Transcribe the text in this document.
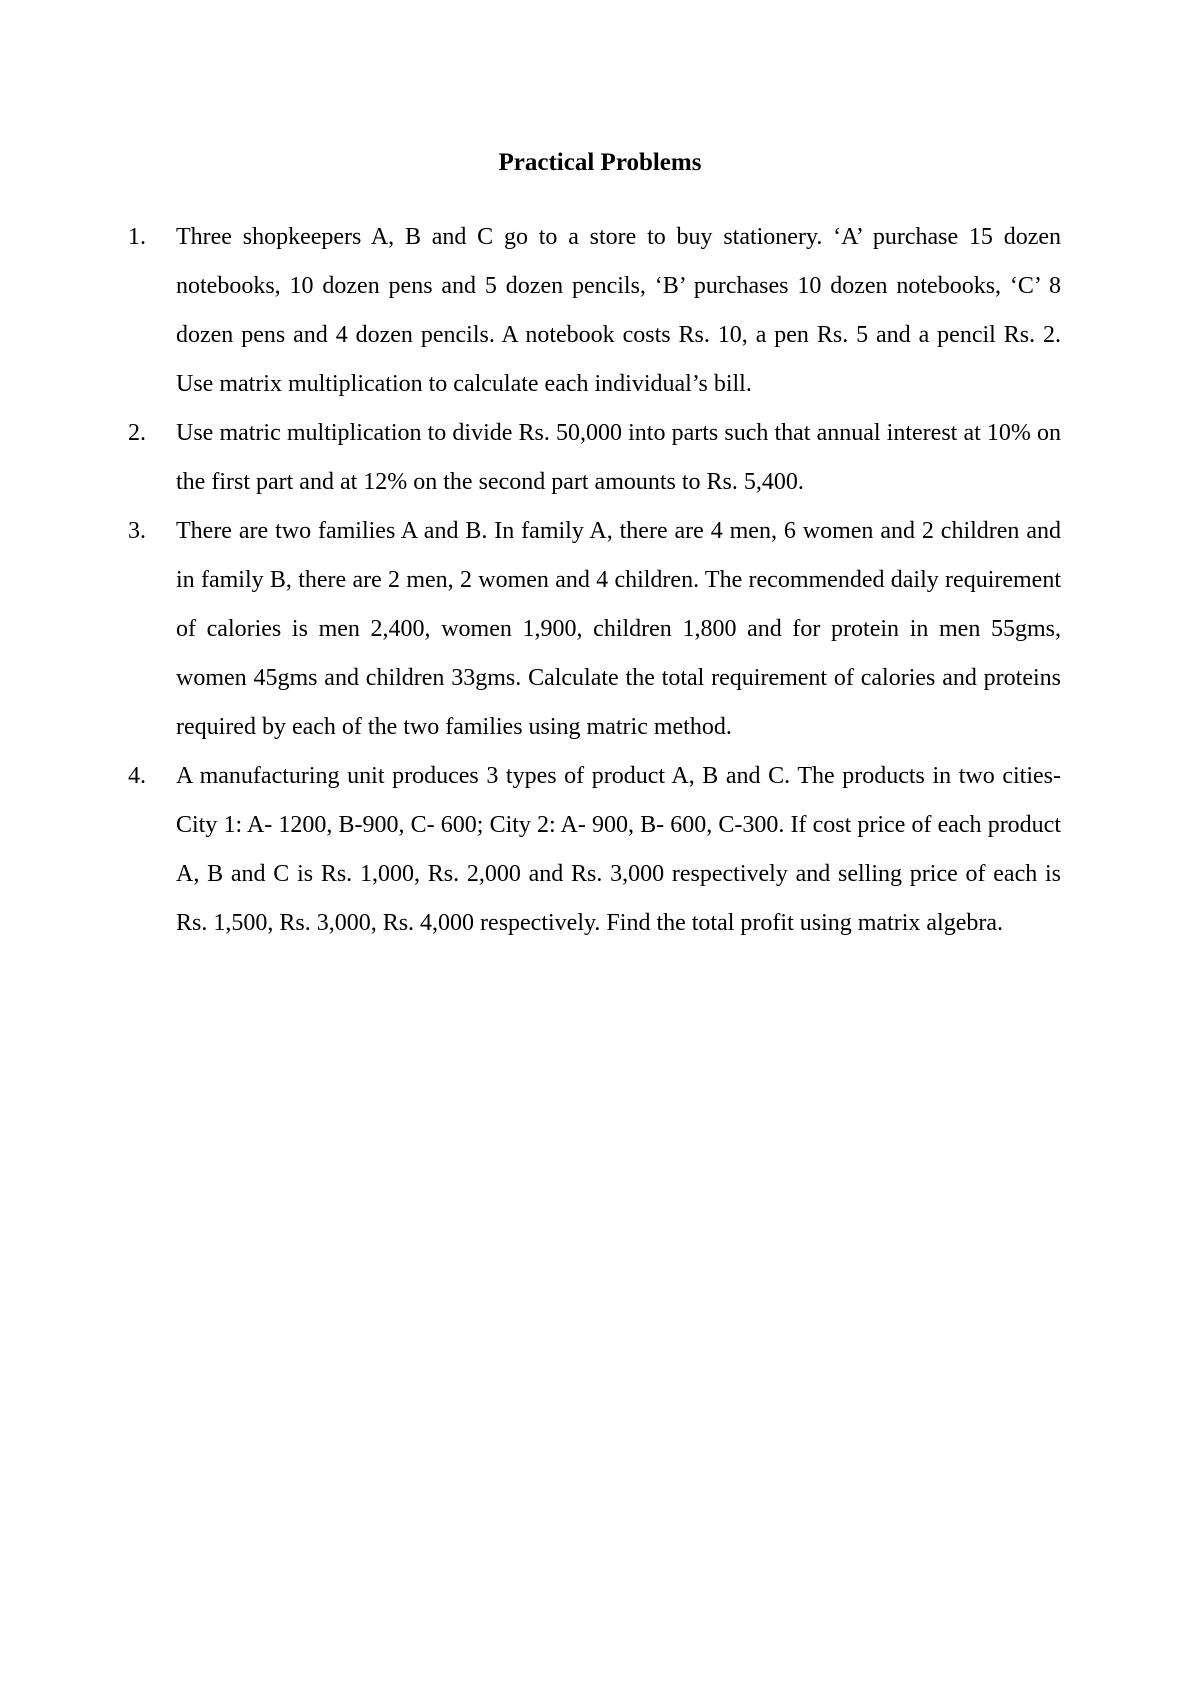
Practical Problems
1.	Three shopkeepers A, B and C go to a store to buy stationery. ‘A’ purchase 15 dozen notebooks, 10 dozen pens and 5 dozen pencils, ‘B’ purchases 10 dozen notebooks, ‘C’ 8 dozen pens and 4 dozen pencils. A notebook costs Rs. 10, a pen Rs. 5 and a pencil Rs. 2. Use matrix multiplication to calculate each individual’s bill.
2.	Use matric multiplication to divide Rs. 50,000 into parts such that annual interest at 10% on the first part and at 12% on the second part amounts to Rs. 5,400.
3.	There are two families A and B. In family A, there are 4 men, 6 women and 2 children and in family B, there are 2 men, 2 women and 4 children. The recommended daily requirement of calories is men 2,400, women 1,900, children 1,800 and for protein in men 55gms, women 45gms and children 33gms. Calculate the total requirement of calories and proteins required by each of the two families using matric method.
4.	A manufacturing unit produces 3 types of product A, B and C. The products in two cities- City 1: A- 1200, B-900, C- 600; City 2: A- 900, B- 600, C-300. If cost price of each product A, B and C is Rs. 1,000, Rs. 2,000 and Rs. 3,000 respectively and selling price of each is Rs. 1,500, Rs. 3,000, Rs. 4,000 respectively. Find the total profit using matrix algebra.
